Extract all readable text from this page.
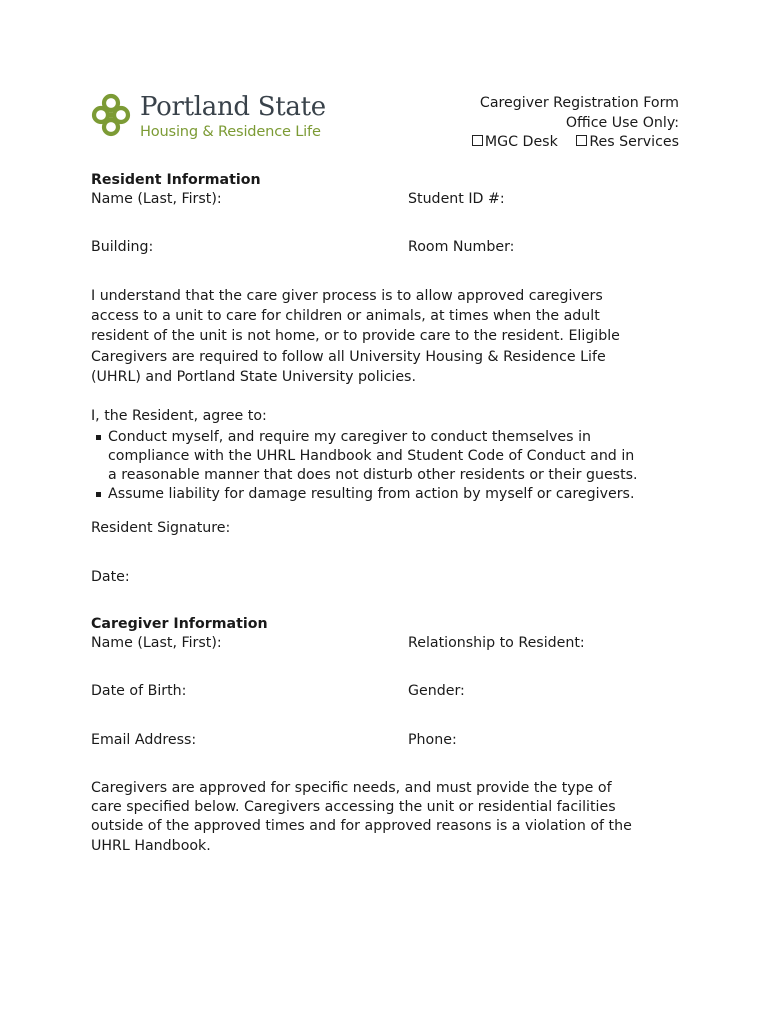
Portland State
Housing & Residence Life
Caregiver Registration Form
Office Use Only:
MGC Desk Res Services
Resident Information
Name (Last, First):	Student ID #:
Building:	Room Number:
I understand that the care giver process is to allow approved caregivers
access to a unit to care for children or animals, at times when the adult
resident of the unit is not home, or to provide care to the resident. Eligible
Caregivers are required to follow all University Housing & Residence Life
(UHRL) and Portland State University policies.
I, the Resident, agree to:
Conduct myself, and require my caregiver to conduct themselves in
compliance with the UHRL Handbook and Student Code of Conduct and in
a reasonable manner that does not disturb other residents or their guests.
Assume liability for damage resulting from action by myself or caregivers.
Resident Signature:
Date:
Caregiver Information
Name (Last, First):	Relationship to Resident:
Date of Birth:	Gender:
Email Address:	Phone:
Caregivers are approved for specific needs, and must provide the type of
care specified below. Caregivers accessing the unit or residential facilities
outside of the approved times and for approved reasons is a violation of the
UHRL Handbook.
